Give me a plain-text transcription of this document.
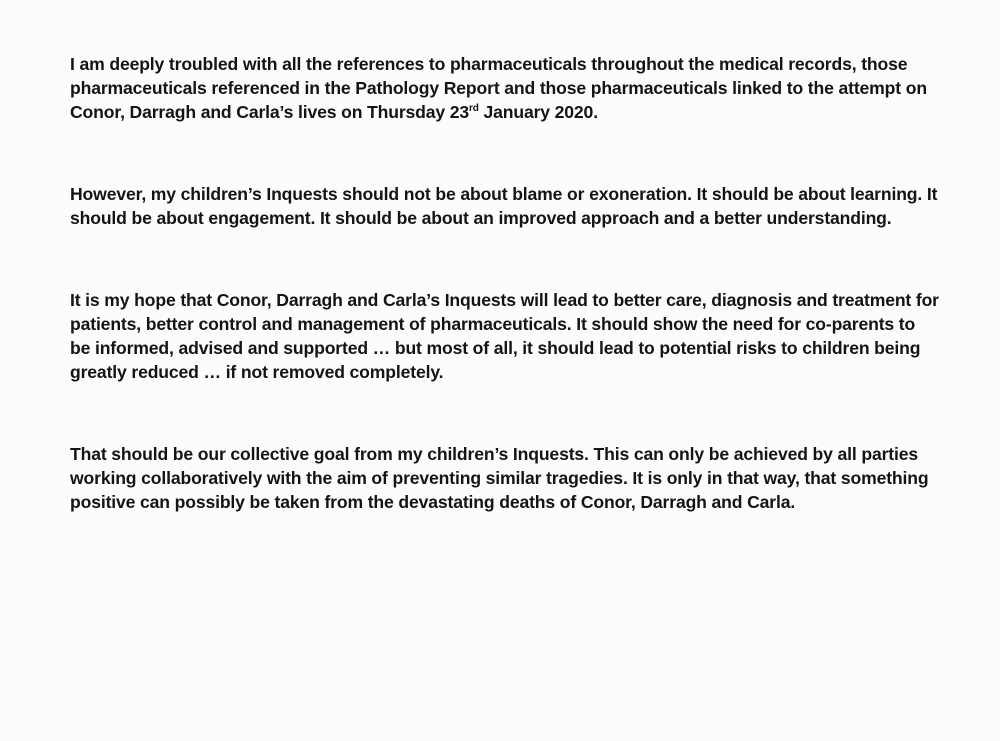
I am deeply troubled with all the references to pharmaceuticals throughout the medical records, those pharmaceuticals referenced in the Pathology Report and those pharmaceuticals linked to the attempt on Conor, Darragh and Carla’s lives on Thursday 23rd January 2020.

However, my children’s Inquests should not be about blame or exoneration. It should be about learning. It should be about engagement. It should be about an improved approach and a better understanding.

It is my hope that Conor, Darragh and Carla’s Inquests will lead to better care, diagnosis and treatment for patients, better control and management of pharmaceuticals. It should show the need for co-parents to be informed, advised and supported … but most of all, it should lead to potential risks to children being greatly reduced … if not removed completely.

That should be our collective goal from my children’s Inquests. This can only be achieved by all parties working collaboratively with the aim of preventing similar tragedies. It is only in that way, that something positive can possibly be taken from the devastating deaths of Conor, Darragh and Carla.
